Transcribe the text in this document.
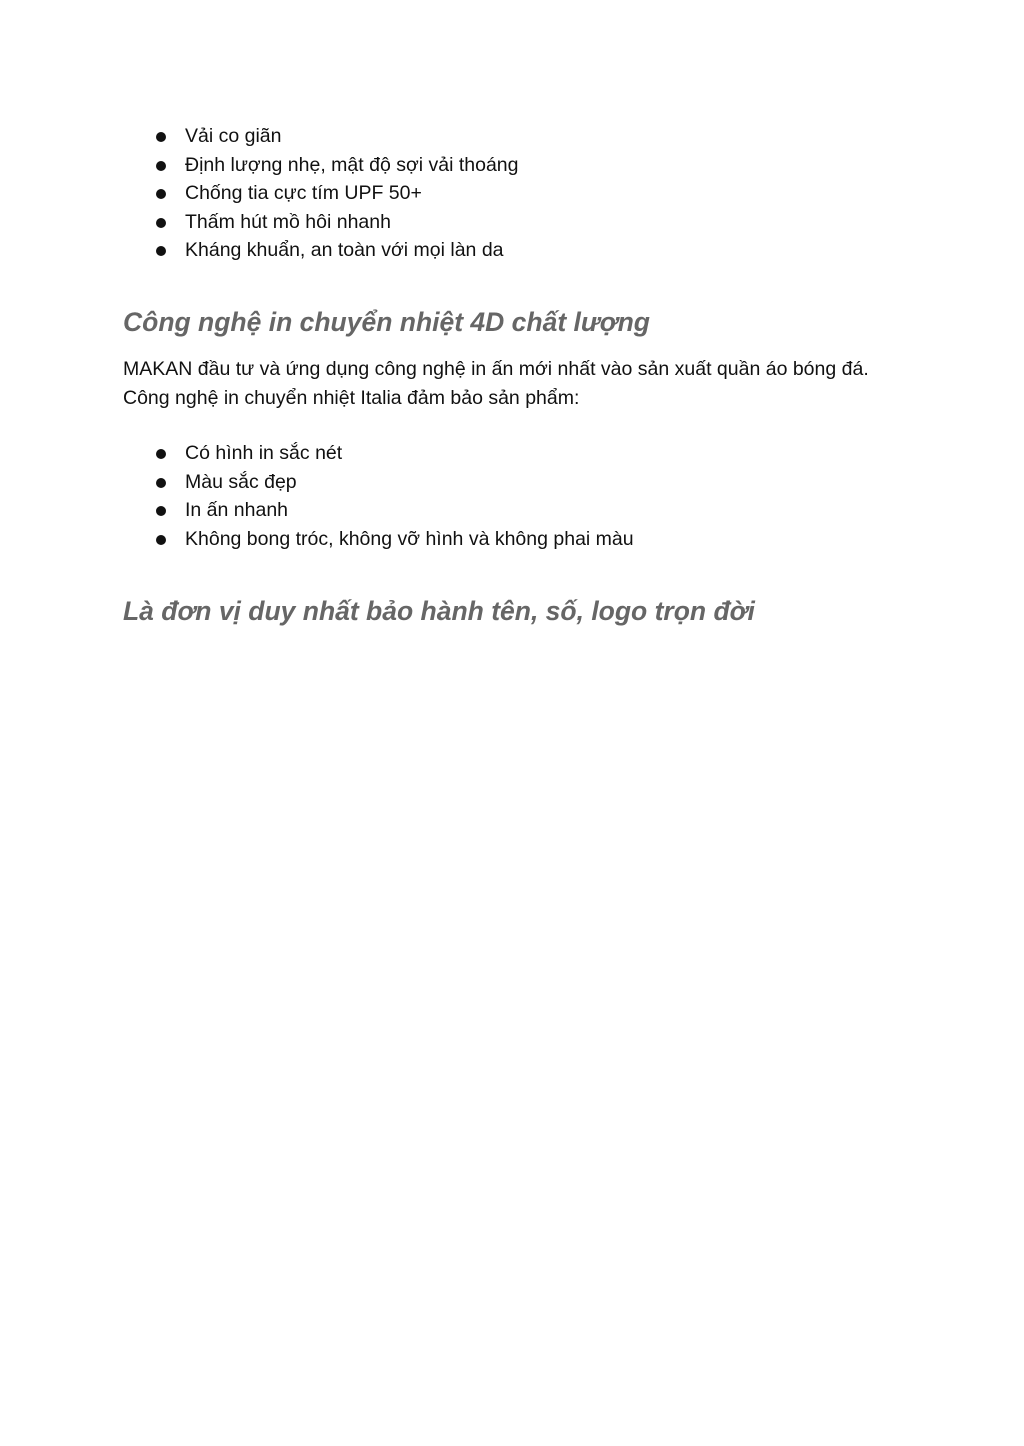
Vải co giãn
Định lượng nhẹ, mật độ sợi vải thoáng
Chống tia cực tím UPF 50+
Thấm hút mồ hôi nhanh
Kháng khuẩn, an toàn với mọi làn da
Công nghệ in chuyển nhiệt 4D chất lượng

MAKAN đầu tư và ứng dụng công nghệ in ấn mới nhất vào sản xuất quần áo bóng đá. Công nghệ in chuyển nhiệt Italia đảm bảo sản phẩm:

Có hình in sắc nét
Màu sắc đẹp
In ấn nhanh
Không bong tróc, không vỡ hình và không phai màu
Là đơn vị duy nhất bảo hành tên, số, logo trọn đời
